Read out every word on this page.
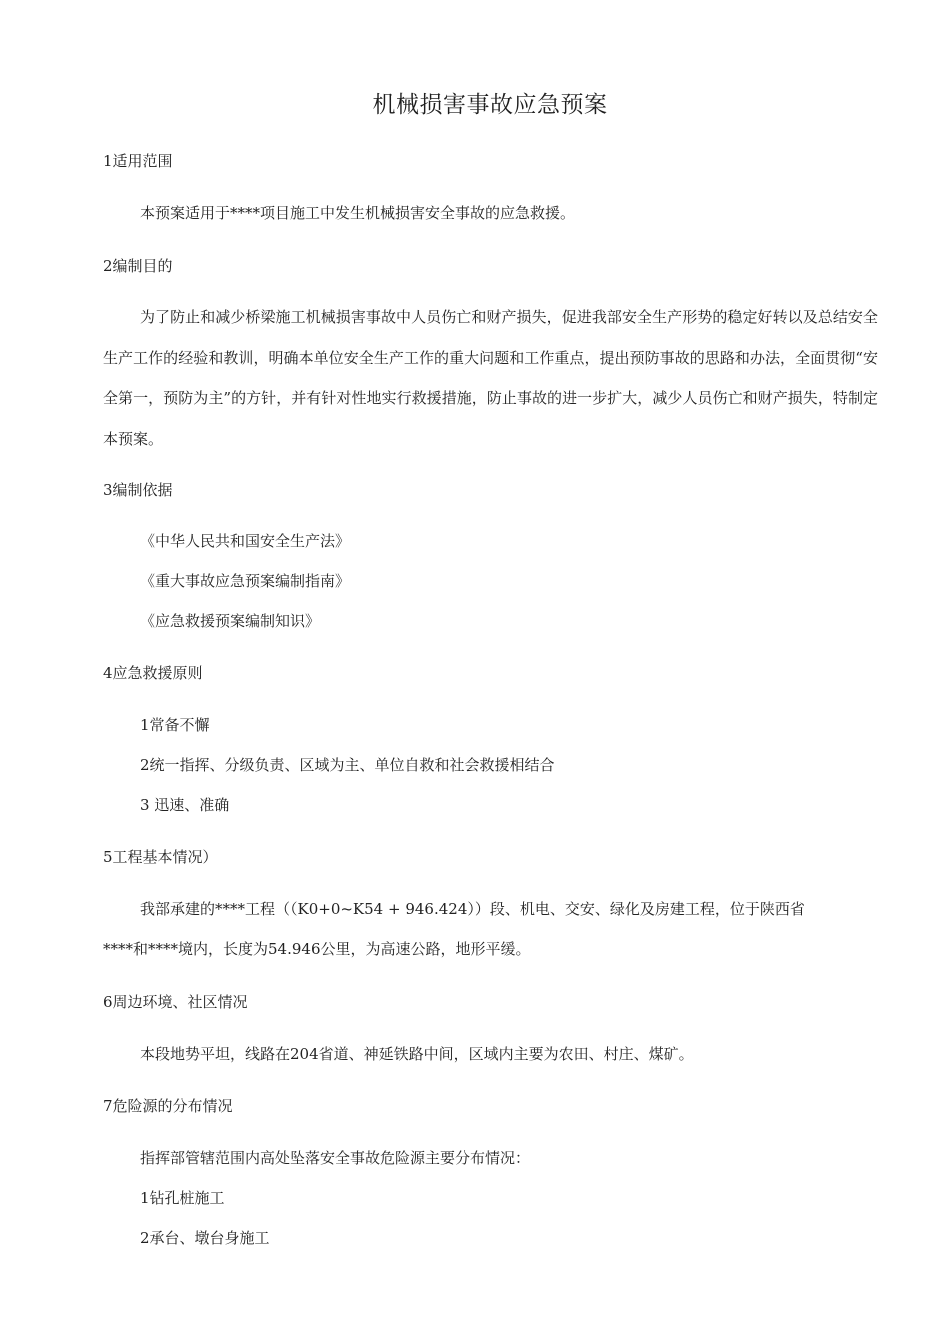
机械损害事故应急预案
1适用范围
本预案适用于****项目施工中发生机械损害安全事故的应急救援。
2编制目的
为了防止和减少桥梁施工机械损害事故中人员伤亡和财产损失，促进我部安全生产形势的稳定好转以及总结安全生产工作的经验和教训，明确本单位安全生产工作的重大问题和工作重点，提出预防事故的思路和办法，全面贯彻“安全第一，预防为主”的方针，并有针对性地实行救援措施，防止事故的进一步扩大，减少人员伤亡和财产损失，特制定本预案。
3编制依据
《中华人民共和国安全生产法》
《重大事故应急预案编制指南》
《应急救援预案编制知识》
4应急救援原则
1常备不懈
2统一指挥、分级负责、区域为主、单位自救和社会救援相结合
3 迅速、准确
5工程基本情况）
我部承建的****工程（（K0+0~K54 + 946.424））段、机电、交安、绿化及房建工程，位于陕西省
****和****境内，长度为54.946公里，为高速公路，地形平缓。
6周边环境、社区情况
本段地势平坦，线路在204省道、神延铁路中间，区域内主要为农田、村庄、煤矿。
7危险源的分布情况
指挥部管辖范围内高处坠落安全事故危险源主要分布情况：
1钻孔桩施工
2承台、墩台身施工
